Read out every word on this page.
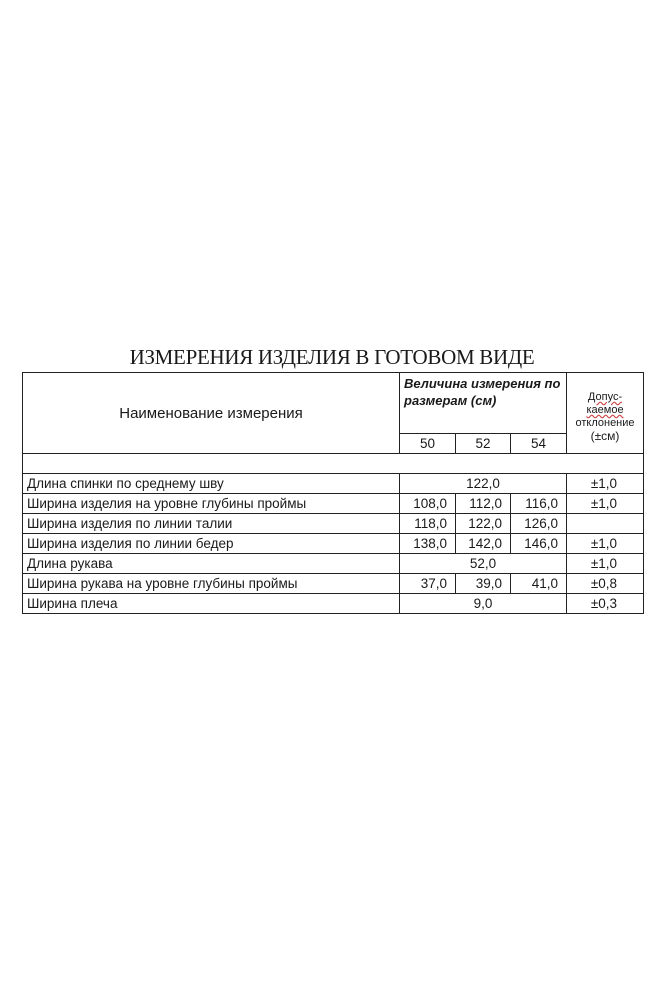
ИЗМЕРЕНИЯ ИЗДЕЛИЯ В ГОТОВОМ ВИДЕ
Наименование измерения	Величина измерения по размерам (см)			Допус-
каемое
отклонение
(±см)

	50	52	54	

Длина спинки по среднему шву	122,0			±1,0
Ширина изделия на уровне глубины проймы	108,0	112,0	116,0	±1,0
Ширина изделия по линии талии	118,0	122,0	126,0	
Ширина изделия по линии бедер	138,0	142,0	146,0	±1,0
Длина рукава	52,0			±1,0
Ширина рукава на уровне глубины проймы	37,0	39,0	41,0	±0,8
Ширина плеча	9,0			±0,3
